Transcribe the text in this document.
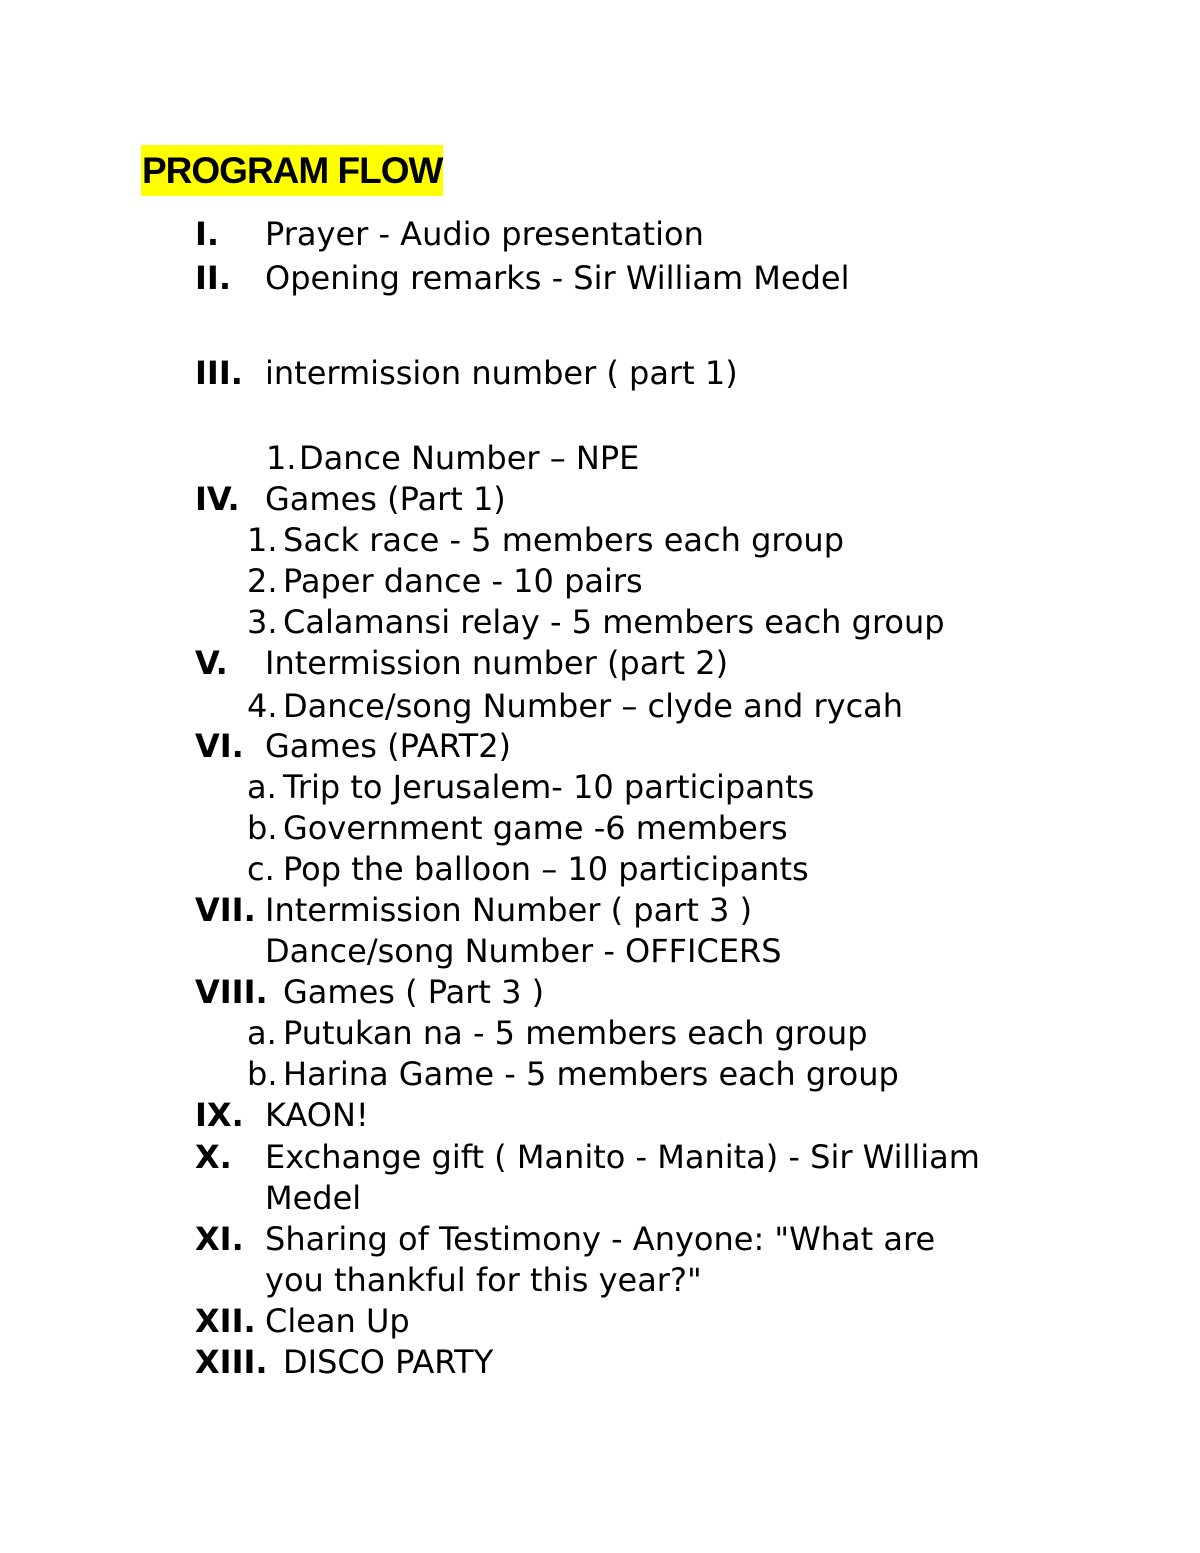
PROGRAM FLOW
I. Prayer - Audio presentation
II. Opening remarks - Sir William Medel
III. intermission number ( part 1)
1. Dance Number – NPE
IV. Games (Part 1)
1. Sack race - 5 members each group
2. Paper dance - 10 pairs
3. Calamansi relay - 5 members each group
V. Intermission number (part 2)
4. Dance/song Number – clyde and rycah
VI. Games (PART2)
a. Trip to Jerusalem- 10 participants
b. Government game -6 members
c. Pop the balloon – 10 participants
VII. Intermission Number ( part 3 )
Dance/song Number - OFFICERS
VIII. Games ( Part 3 )
a. Putukan na - 5 members each group
b. Harina Game - 5 members each group
IX. KAON!
X. Exchange gift ( Manito - Manita) - Sir William
Medel
XI. Sharing of Testimony - Anyone: "What are
you thankful for this year?"
XII. Clean Up
XIII. DISCO PARTY
